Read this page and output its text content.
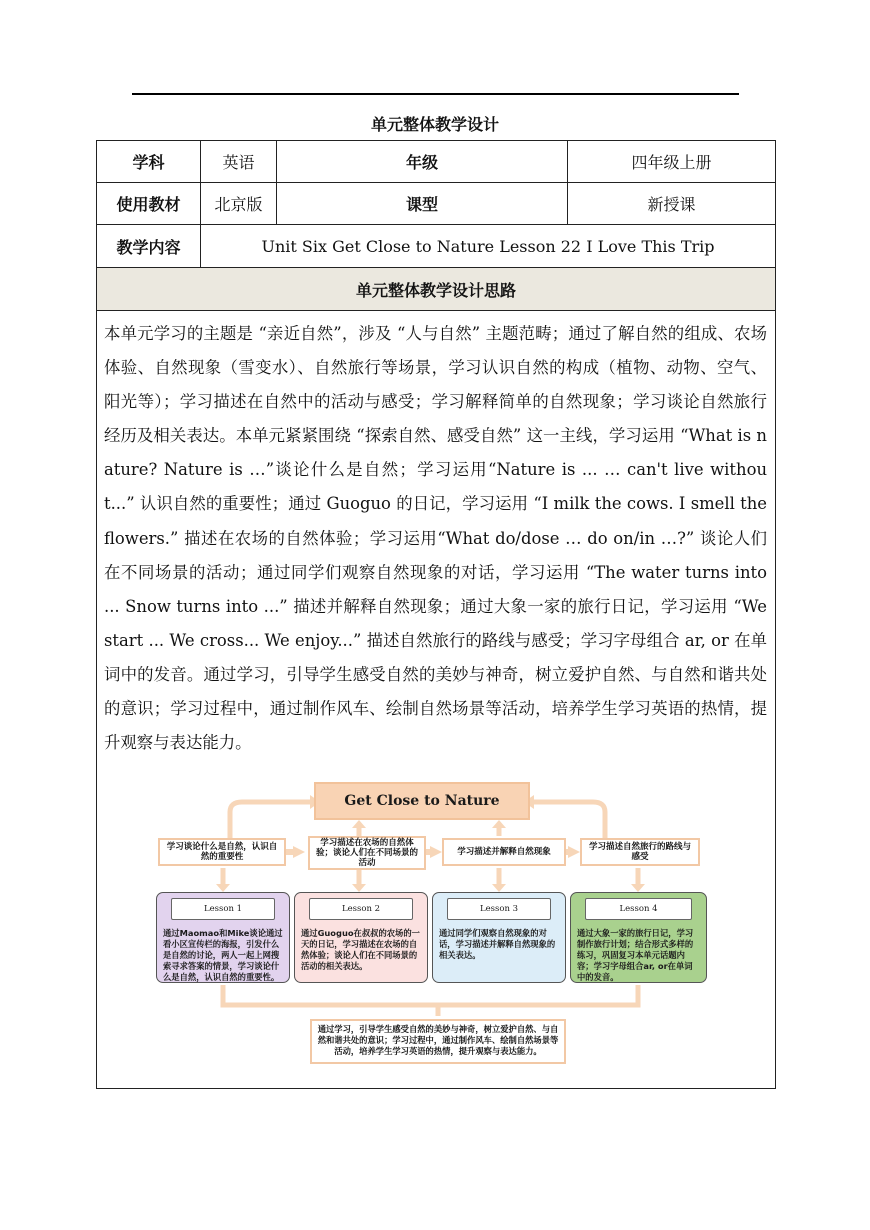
单元整体教学设计
学科	英语	年级	四年级上册
使用教材	北京版	课型	新授课
教学内容	Unit Six Get Close to Nature Lesson 22 I Love This Trip		
单元整体教学设计思路			

本单元学习的主题是 “亲近自然”，涉及 “人与自然” 主题范畴；通过了解自然的组成、农场体验、自然现象（雪变水）、自然旅行等场景，学习认识自然的构成（植物、动物、空气、阳光等）；学习描述在自然中的活动与感受；学习解释简单的自然现象；学习谈论自然旅行经历及相关表达。本单元紧紧围绕 “探索自然、感受自然” 这一主线，学习运用 “What is nature? Nature is …”谈论什么是自然；学习运用“Nature is ... … can't live without...” 认识自然的重要性；通过 Guoguo 的日记，学习运用 “I milk the cows. I smell the flowers.” 描述在农场的自然体验；学习运用“What do/dose … do on/in …?” 谈论人们在不同场景的活动；通过同学们观察自然现象的对话，学习运用 “The water turns into ... Snow turns into ...” 描述并解释自然现象；通过大象一家的旅行日记，学习运用 “We start ... We cross... We enjoy...” 描述自然旅行的路线与感受；学习字母组合 ar, or 在单词中的发音。通过学习，引导学生感受自然的美妙与神奇，树立爱护自然、与自然和谐共处的意识；学习过程中，通过制作风车、绘制自然场景等活动，培养学生学习英语的热情，提升观察与表达能力。			

Get Close to Nature
学习谈论什么是自然，认识自然的重要性
学习描述在农场的自然体验；谈论人们在不同场景的活动
学习描述并解释自然现象	学习描述自然旅行的路线与感受
Lesson 1
通过Maomao和Mike谈论通过看小区宣传栏的海报，引发什么是自然的讨论，两人一起上网搜索寻求答案的情景，学习谈论什么是自然，认识自然的重要性。
Lesson 2
通过Guoguo在叔叔的农场的一天的日记，学习描述在农场的自然体验；谈论人们在不同场景的活动的相关表达。
Lesson 3
通过同学们观察自然现象的对话，学习描述并解释自然现象的相关表达。
Lesson 4
通过大象一家的旅行日记，学习制作旅行计划；结合形式多样的练习，巩固复习本单元话题内容；学习字母组合ar, or在单词中的发音。
通过学习，引导学生感受自然的美妙与神奇，树立爱护自然、与自然和谐共处的意识；学习过程中，通过制作风车、绘制自然场景等活动，培养学生学习英语的热情，提升观察与表达能力。
